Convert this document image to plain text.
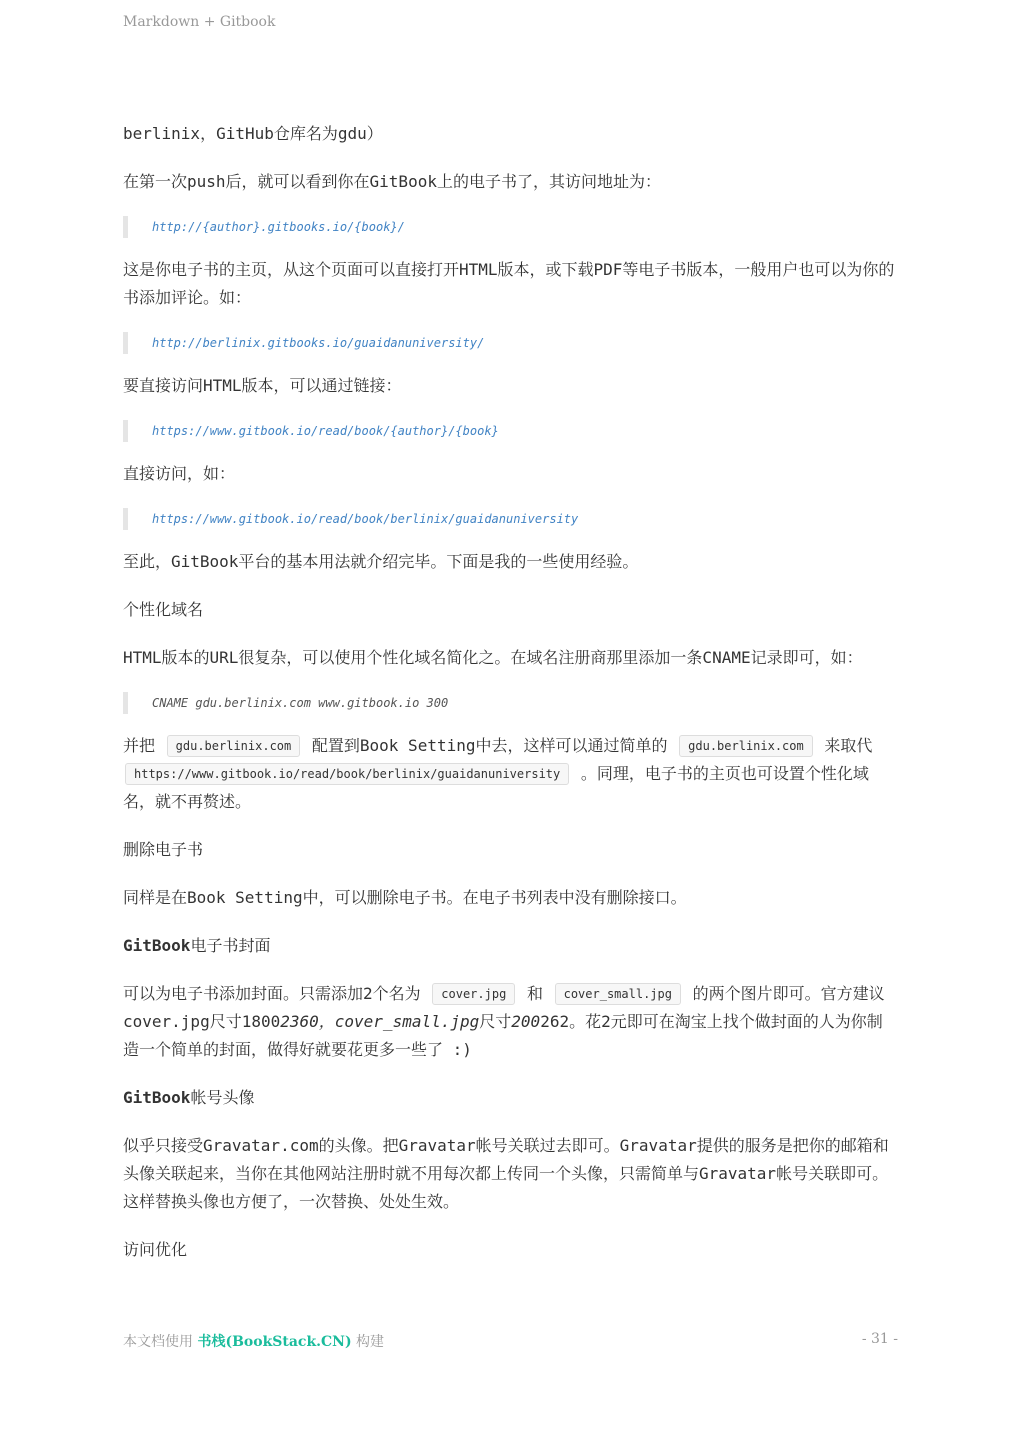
Markdown + Gitbook

berlinix，GitHub仓库名为gdu）

在第一次push后，就可以看到你在GitBook上的电子书了，其访问地址为：

http://{author}.gitbooks.io/{book}/

这是你电子书的主页，从这个页面可以直接打开HTML版本，或下载PDF等电子书版本，一般用户也可以为你的书添加评论。如：

http://berlinix.gitbooks.io/guaidanuniversity/

要直接访问HTML版本，可以通过链接：

https://www.gitbook.io/read/book/{author}/{book}

直接访问，如：

https://www.gitbook.io/read/book/berlinix/guaidanuniversity

至此，GitBook平台的基本用法就介绍完毕。下面是我的一些使用经验。

个性化域名

HTML版本的URL很复杂，可以使用个性化域名简化之。在域名注册商那里添加一条CNAME记录即可，如：

CNAME gdu.berlinix.com www.gitbook.io 300

并把 gdu.berlinix.com 配置到Book Setting中去，这样可以通过简单的 gdu.berlinix.com 来取代 https://www.gitbook.io/read/book/berlinix/guaidanuniversity 。同理，电子书的主页也可设置个性化域名，就不再赘述。

删除电子书

同样是在Book Setting中，可以删除电子书。在电子书列表中没有删除接口。

GitBook电子书封面

可以为电子书添加封面。只需添加2个名为 cover.jpg 和 cover_small.jpg 的两个图片即可。官方建议cover.jpg尺寸18002360，cover_small.jpg尺寸200262。花2元即可在淘宝上找个做封面的人为你制造一个简单的封面，做得好就要花更多一些了 :)

GitBook帐号头像

似乎只接受Gravatar.com的头像。把Gravatar帐号关联过去即可。Gravatar提供的服务是把你的邮箱和头像关联起来，当你在其他网站注册时就不用每次都上传同一个头像，只需简单与Gravatar帐号关联即可。这样替换头像也方便了，一次替换、处处生效。

访问优化

本文档使用 书栈(BookStack.CN) 构建	- 31 -
